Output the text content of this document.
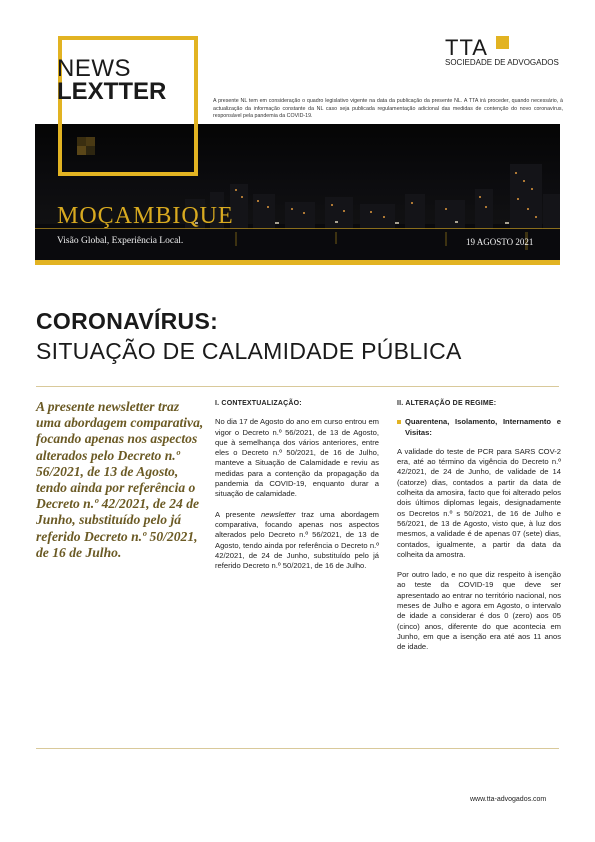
NEWS
LEXTTER
TTA
SOCIEDADE DE ADVOGADOS
A presente NL tem em consideração o quadro legislativo vigente na data da publicação da presente NL. A TTA irá proceder, quando necessário, à actualização da informação constante da NL caso seja publicada regulamentação adicional das medidas de contenção do novo coronavírus, responsável pela pandemia da COVID-19.
MOÇAMBIQUE
Visão Global, Experiência Local.	19 AGOSTO 2021
CORONAVÍRUS:
SITUAÇÃO DE CALAMIDADE PÚBLICA
A presente newsletter traz uma abordagem comparativa, focando apenas nos aspectos alterados pelo Decreto n.º 56/2021, de 13 de Agosto, tendo ainda por referência o Decreto n.º 42/2021, de 24 de Junho, substituído pelo já referido Decreto n.º 50/2021, de 16 de Julho.
I. CONTEXTUALIZAÇÃO:

No dia 17 de Agosto do ano em curso entrou em vigor o Decreto n.º 56/2021, de 13 de Agosto, que à semelhança dos vários anteriores, entre eles o Decreto n.º 50/2021, de 16 de Julho, manteve a Situação de Calamidade e reviu as medidas para a contenção da propagação da pandemia da COVID-19, enquanto durar a situação de calamidade.

A presente newsletter traz uma abordagem comparativa, focando apenas nos aspectos alterados pelo Decreto n.º 56/2021, de 13 de Agosto, tendo ainda por referência o Decreto n.º 42/2021, de 24 de Junho, substituído pelo já referido Decreto n.º 50/2021, de 16 de Julho.

II. ALTERAÇÃO DE REGIME:
Quarentena, Isolamento, Internamento e Visitas:

A validade do teste de PCR para SARS COV-2 era, até ao término da vigência do Decreto n.º 42/2021, de 24 de Junho, de validade de 14 (catorze) dias, contados a partir da data de colheita da amosira, facto que foi alterado pelos dois últimos diplomas legais, designadamente os Decretos n.º s 50/2021, de 16 de Julho e 56/2021, de 13 de Agosto, visto que, à luz dos mesmos, a validade é de apenas 07 (sete) dias, contados, igualmente, a partir da data da colheita da amostra.

Por outro lado, e no que diz respeito à isenção ao teste da COVID-19 que deve ser apresentado ao entrar no território nacional, nos meses de Julho e agora em Agosto, o intervalo de idade a considerar é dos 0 (zero) aos 05 (cinco) anos, diferente do que acontecia em Junho, em que a isenção era até aos 11 anos de idade.

www.tta-advogados.com
